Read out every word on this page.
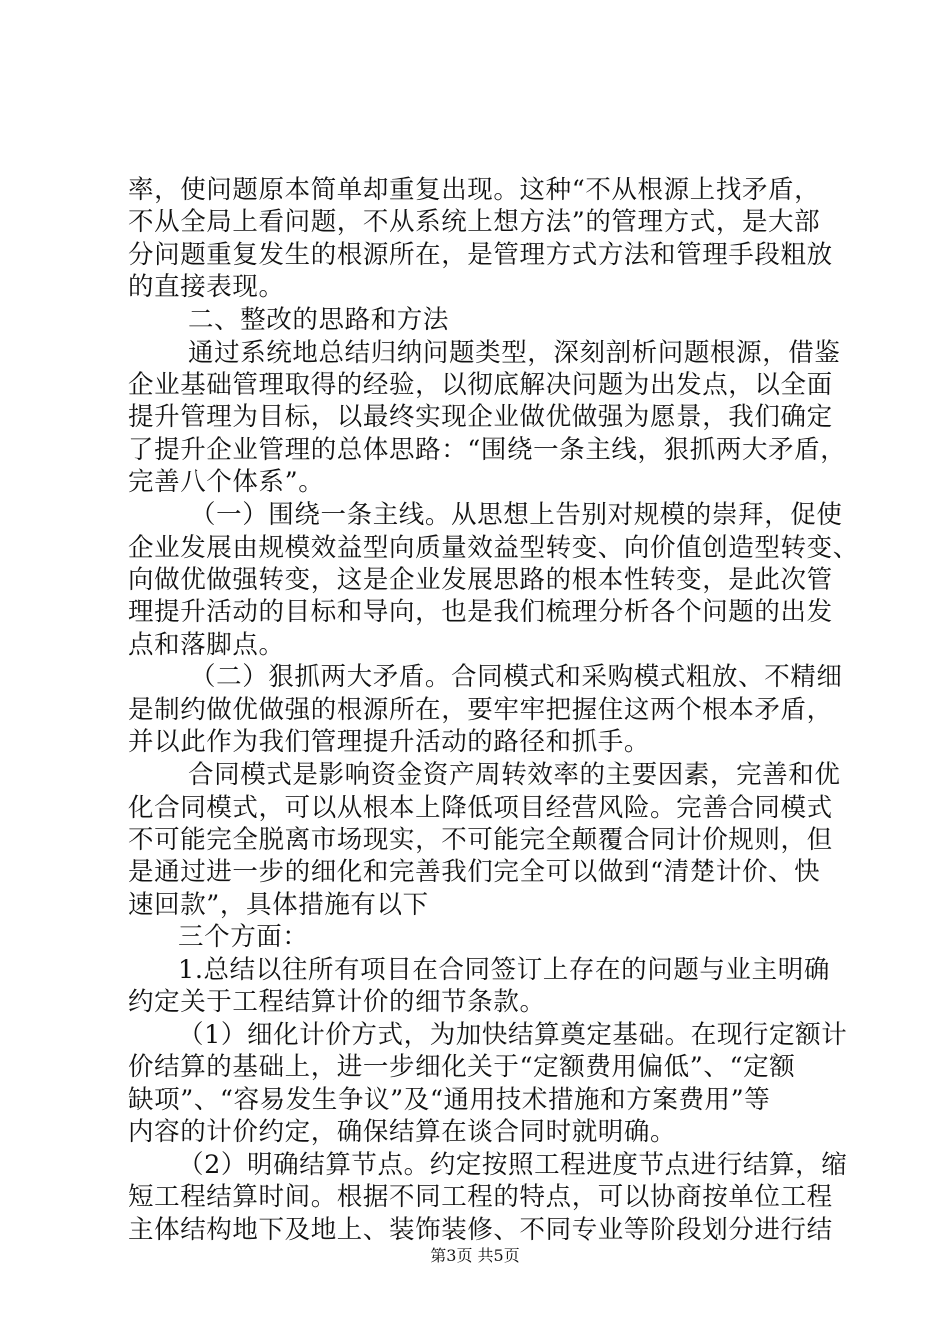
率，使问题原本简单却重复出现。这种“不从根源上找矛盾，
不从全局上看问题，不从系统上想方法”的管理方式，是大部
分问题重复发生的根源所在，是管理方式方法和管理手段粗放
的直接表现。
二、整改的思路和方法
通过系统地总结归纳问题类型，深刻剖析问题根源，借鉴
企业基础管理取得的经验，以彻底解决问题为出发点，以全面
提升管理为目标，以最终实现企业做优做强为愿景，我们确定
了提升企业管理的总体思路：“围绕一条主线，狠抓两大矛盾，
完善八个体系”。
（一）围绕一条主线。从思想上告别对规模的崇拜，促使
企业发展由规模效益型向质量效益型转变、向价值创造型转变、
向做优做强转变，这是企业发展思路的根本性转变，是此次管
理提升活动的目标和导向，也是我们梳理分析各个问题的出发
点和落脚点。
（二）狠抓两大矛盾。合同模式和采购模式粗放、不精细
是制约做优做强的根源所在，要牢牢把握住这两个根本矛盾，
并以此作为我们管理提升活动的路径和抓手。
合同模式是影响资金资产周转效率的主要因素，完善和优
化合同模式，可以从根本上降低项目经营风险。完善合同模式
不可能完全脱离市场现实，不可能完全颠覆合同计价规则，但
是通过进一步的细化和完善我们完全可以做到“清楚计价、快
速回款”，具体措施有以下
三个方面：
1.总结以往所有项目在合同签订上存在的问题与业主明确
约定关于工程结算计价的细节条款。
（1）细化计价方式，为加快结算奠定基础。在现行定额计
价结算的基础上，进一步细化关于“定额费用偏低”、“定额
缺项”、“容易发生争议”及“通用技术措施和方案费用”等
内容的计价约定，确保结算在谈合同时就明确。
（2）明确结算节点。约定按照工程进度节点进行结算，缩
短工程结算时间。根据不同工程的特点，可以协商按单位工程
主体结构地下及地上、装饰装修、不同专业等阶段划分进行结
第3页 共5页
